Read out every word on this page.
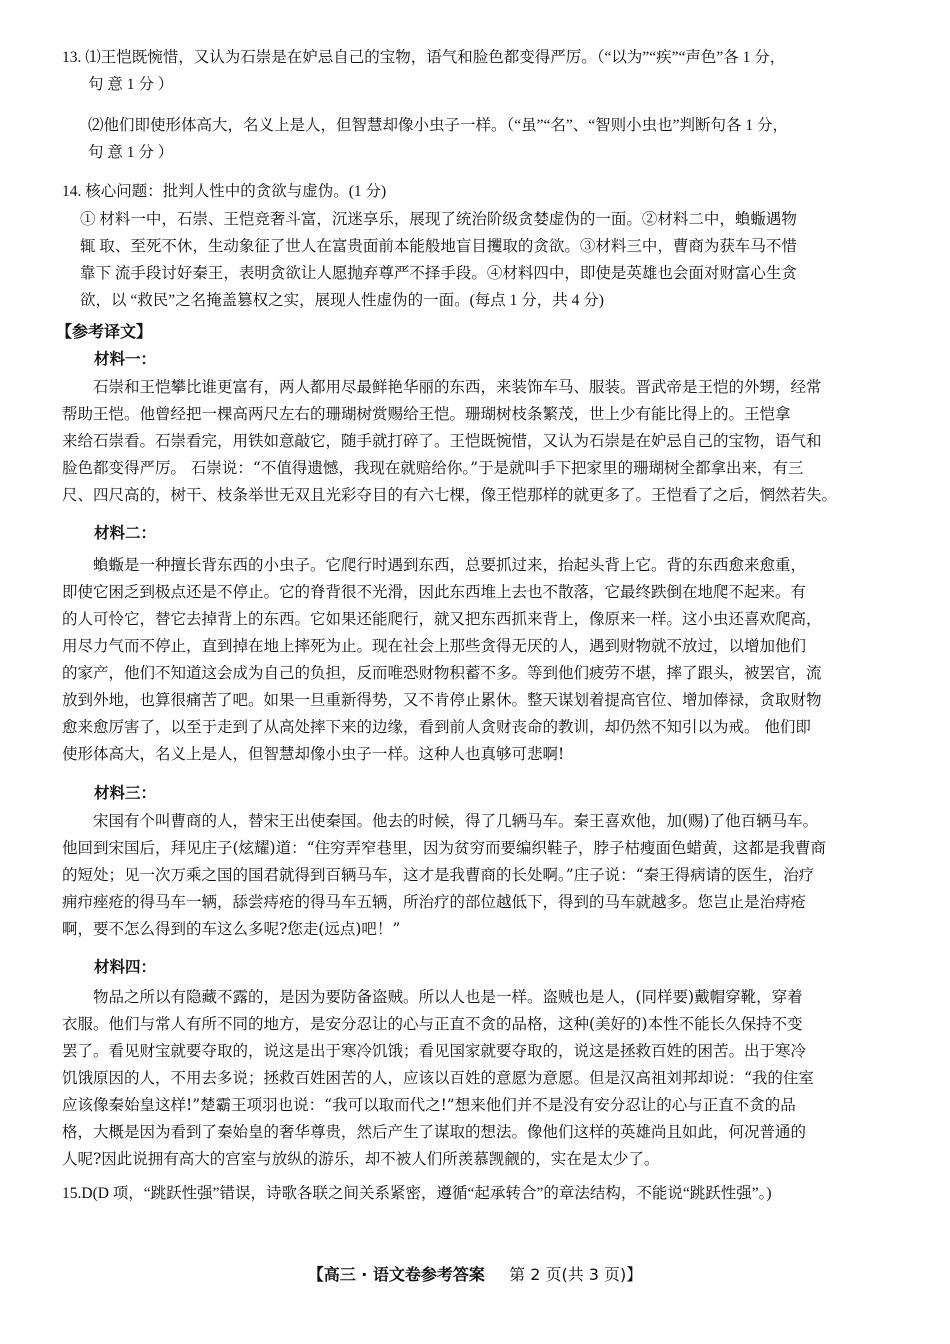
13. ⑴王恺既惋惜，又认为石崇是在妒忌自己的宝物，语气和脸色都变得严厉。（“以为”“疾”“声色”各 1 分，
句 意 1 分 ）
⑵他们即使形体高大，名义上是人，但智慧却像小虫子一样。（“虽”“名”、“智则小虫也”判断句各 1 分，
句 意 1 分 ）
14. 核心问题：批判人性中的贪欲与虚伪。(1 分)
① 材料一中，石崇、王恺竞奢斗富，沉迷享乐，展现了统治阶级贪婪虚伪的一面。②材料二中，蝜蝂遇物
辄 取、至死不休，生动象征了世人在富贵面前本能般地盲目攫取的贪欲。③材料三中，曹商为获车马不惜
靠下 流手段讨好秦王，表明贪欲让人愿抛弃尊严不择手段。④材料四中，即使是英雄也会面对财富心生贪
欲，以 “救民”之名掩盖篡权之实，展现人性虚伪的一面。(每点 1 分，共 4 分)
【参考译文】
材料一：
石崇和王恺攀比谁更富有，两人都用尽最鲜艳华丽的东西，来装饰车马、服装。晋武帝是王恺的外甥，经常
帮助王恺。他曾经把一棵高两尺左右的珊瑚树赏赐给王恺。珊瑚树枝条繁茂，世上少有能比得上的。王恺拿
来给石崇看。石崇看完，用铁如意敲它，随手就打碎了。王恺既惋惜，又认为石崇是在妒忌自己的宝物，语气和
脸色都变得严厉。 石崇说：“不值得遗憾，我现在就赔给你。”于是就叫手下把家里的珊瑚树全都拿出来，有三
尺、四尺高的，树干、枝条举世无双且光彩夺目的有六七棵，像王恺那样的就更多了。王恺看了之后，惘然若失。
材料二：
蝜蝂是一种擅长背东西的小虫子。它爬行时遇到东西，总要抓过来，抬起头背上它。背的东西愈来愈重，
即使它困乏到极点还是不停止。它的脊背很不光滑，因此东西堆上去也不散落，它最终跌倒在地爬不起来。有
的人可怜它，替它去掉背上的东西。它如果还能爬行，就又把东西抓来背上，像原来一样。这小虫还喜欢爬高，
用尽力气而不停止，直到掉在地上摔死为止。现在社会上那些贪得无厌的人，遇到财物就不放过，以增加他们
的家产，他们不知道这会成为自己的负担，反而唯恐财物积蓄不多。等到他们疲劳不堪，摔了跟头，被罢官，流
放到外地，也算很痛苦了吧。如果一旦重新得势，又不肯停止累休。整天谋划着提高官位、增加俸禄，贪取财物
愈来愈厉害了，以至于走到了从高处摔下来的边缘，看到前人贪财丧命的教训，却仍然不知引以为戒。 他们即
使形体高大，名义上是人，但智慧却像小虫子一样。这种人也真够可悲啊!
材料三：
宋国有个叫曹商的人，替宋王出使秦国。他去的时候，得了几辆马车。秦王喜欢他，加(赐)了他百辆马车。
他回到宋国后，拜见庄子(炫耀)道：“住穷弄窄巷里，因为贫穷而要编织鞋子，脖子枯瘦面色蜡黄，这都是我曹商
的短处；见一次万乘之国的国君就得到百辆马车，这才是我曹商的长处啊。”庄子说：“秦王得病请的医生，治疗
痈疖痤疮的得马车一辆，舔尝痔疮的得马车五辆，所治疗的部位越低下，得到的马车就越多。您岂止是治痔疮
啊，要不怎么得到的车这么多呢?您走(远点)吧！”
材料四：
物品之所以有隐藏不露的，是因为要防备盗贼。所以人也是一样。盗贼也是人，(同样要)戴帽穿靴，穿着
衣服。他们与常人有所不同的地方，是安分忍让的心与正直不贪的品格，这种(美好的)本性不能长久保持不变
罢了。看见财宝就要夺取的，说这是出于寒冷饥饿；看见国家就要夺取的，说这是拯救百姓的困苦。出于寒冷
饥饿原因的人，不用去多说；拯救百姓困苦的人，应该以百姓的意愿为意愿。但是汉高祖刘邦却说：“我的住室
应该像秦始皇这样!”楚霸王项羽也说：“我可以取而代之!”想来他们并不是没有安分忍让的心与正直不贪的品
格，大概是因为看到了秦始皇的奢华尊贵，然后产生了谋取的想法。像他们这样的英雄尚且如此，何况普通的
人呢?因此说拥有高大的宫室与放纵的游乐，却不被人们所羡慕觊觎的，实在是太少了。
15.D(D 项，“跳跃性强”错误，诗歌各联之间关系紧密，遵循“起承转合”的章法结构，不能说“跳跃性强”。)
【高三 · 语文卷参考答案 第 2 页(共 3 页)】
